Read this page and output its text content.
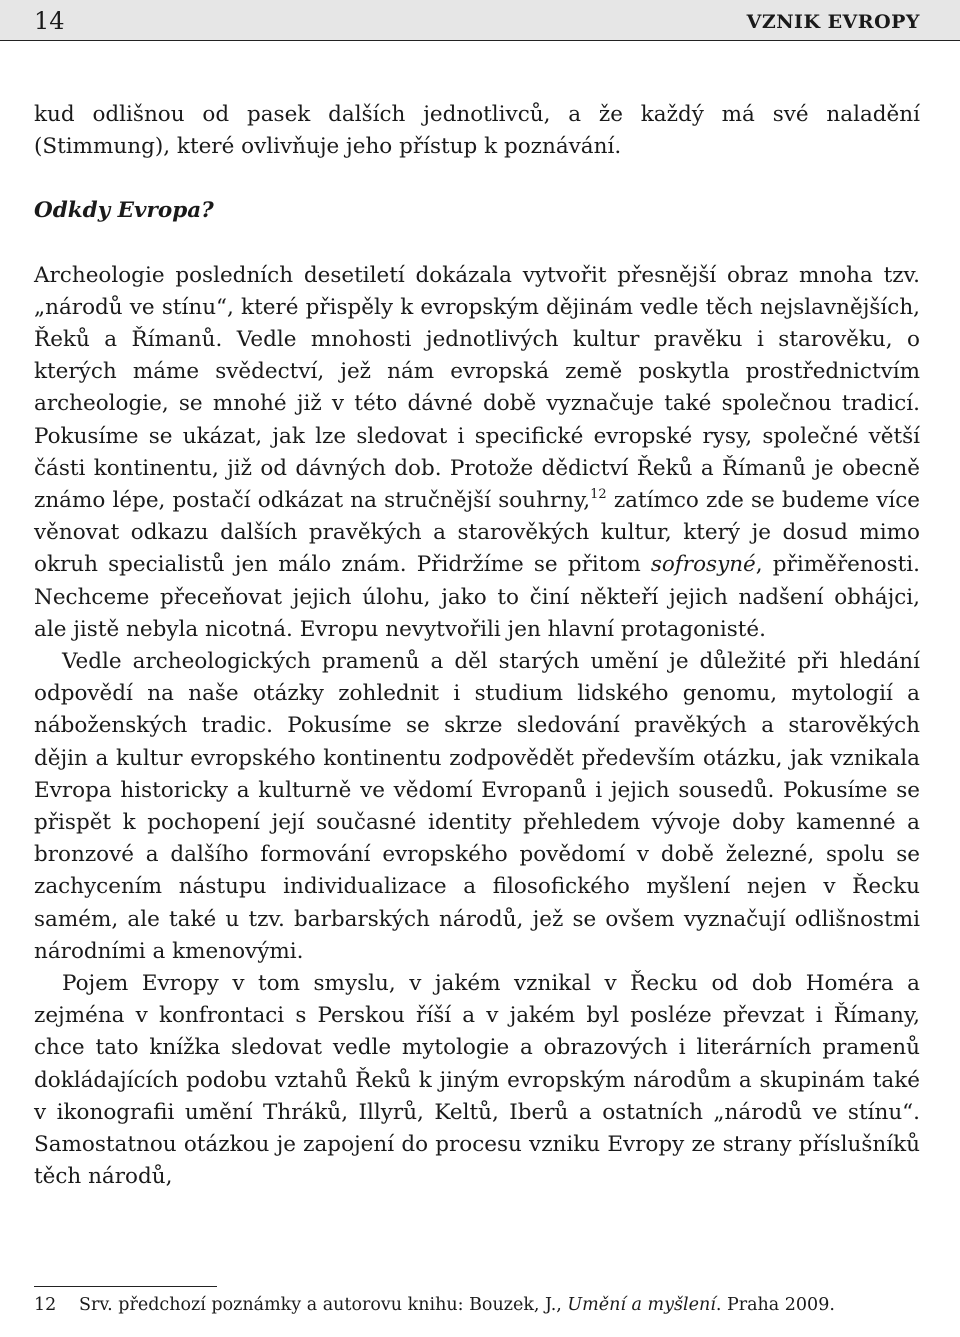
14	VZNIK EVROPY

kud odlišnou od pasek dalších jednotlivců, a že každý má své naladění (Stimmung), které ovlivňuje jeho přístup k poznávání.

Odkdy Evropa?

Archeologie posledních desetiletí dokázala vytvořit přesnější obraz mnoha tzv. „národů ve stínu“, které přispěly k evropským dějinám vedle těch nejslavnějších, Řeků a Římanů. Vedle mnohosti jednotlivých kultur pravěku i starověku, o kterých máme svědectví, jež nám evropská země poskytla prostřednictvím archeologie, se mnohé již v této dávné době vyznačuje také společnou tradicí. Pokusíme se ukázat, jak lze sledovat i specifické evropské rysy, společné větší části kontinentu, již od dávných dob. Protože dědictví Řeků a Římanů je obecně známo lépe, postačí odkázat na stručnější souhrny,$^{12}$ zatímco zde se budeme více věnovat odkazu dalších pravěkých a starověkých kultur, který je dosud mimo okruh specialistů jen málo znám. Přidržíme se přitom sofrosyné, přiměřenosti. Nechceme přeceňovat jejich úlohu, jako to činí někteří jejich nadšení obhájci, ale jistě nebyla nicotná. Evropu nevytvořili jen hlavní protagonisté.

Vedle archeologických pramenů a děl starých umění je důležité při hledání odpovědí na naše otázky zohlednit i studium lidského genomu, mytologií a náboženských tradic. Pokusíme se skrze sledování pravěkých a starověkých dějin a kultur evropského kontinentu zodpovědět především otázku, jak vznikala Evropa historicky a kulturně ve vědomí Evropanů i jejich sousedů. Pokusíme se přispět k pochopení její současné identity přehledem vývoje doby kamenné a bronzové a dalšího formování evropského povědomí v době železné, spolu se zachycením nástupu individualizace a filosofického myšlení nejen v Řecku samém, ale také u tzv. barbarských národů, jež se ovšem vyznačují odlišnostmi národními a kmenovými.

Pojem Evropy v tom smyslu, v jakém vznikal v Řecku od dob Homéra a zejména v konfrontaci s Perskou říší a v jakém byl posléze převzat i Římany, chce tato knížka sledovat vedle mytologie a obrazových i literárních pramenů dokládajících podobu vztahů Řeků k jiným evropským národům a skupinám také v ikonografii umění Thráků, Illyrů, Keltů, Iberů a ostatních „národů ve stínu“. Samostatnou otázkou je zapojení do procesu vzniku Evropy ze strany příslušníků těch národů,

12	Srv. předchozí poznámky a autorovu knihu: Bouzek, J., Umění a myšlení. Praha 2009.
